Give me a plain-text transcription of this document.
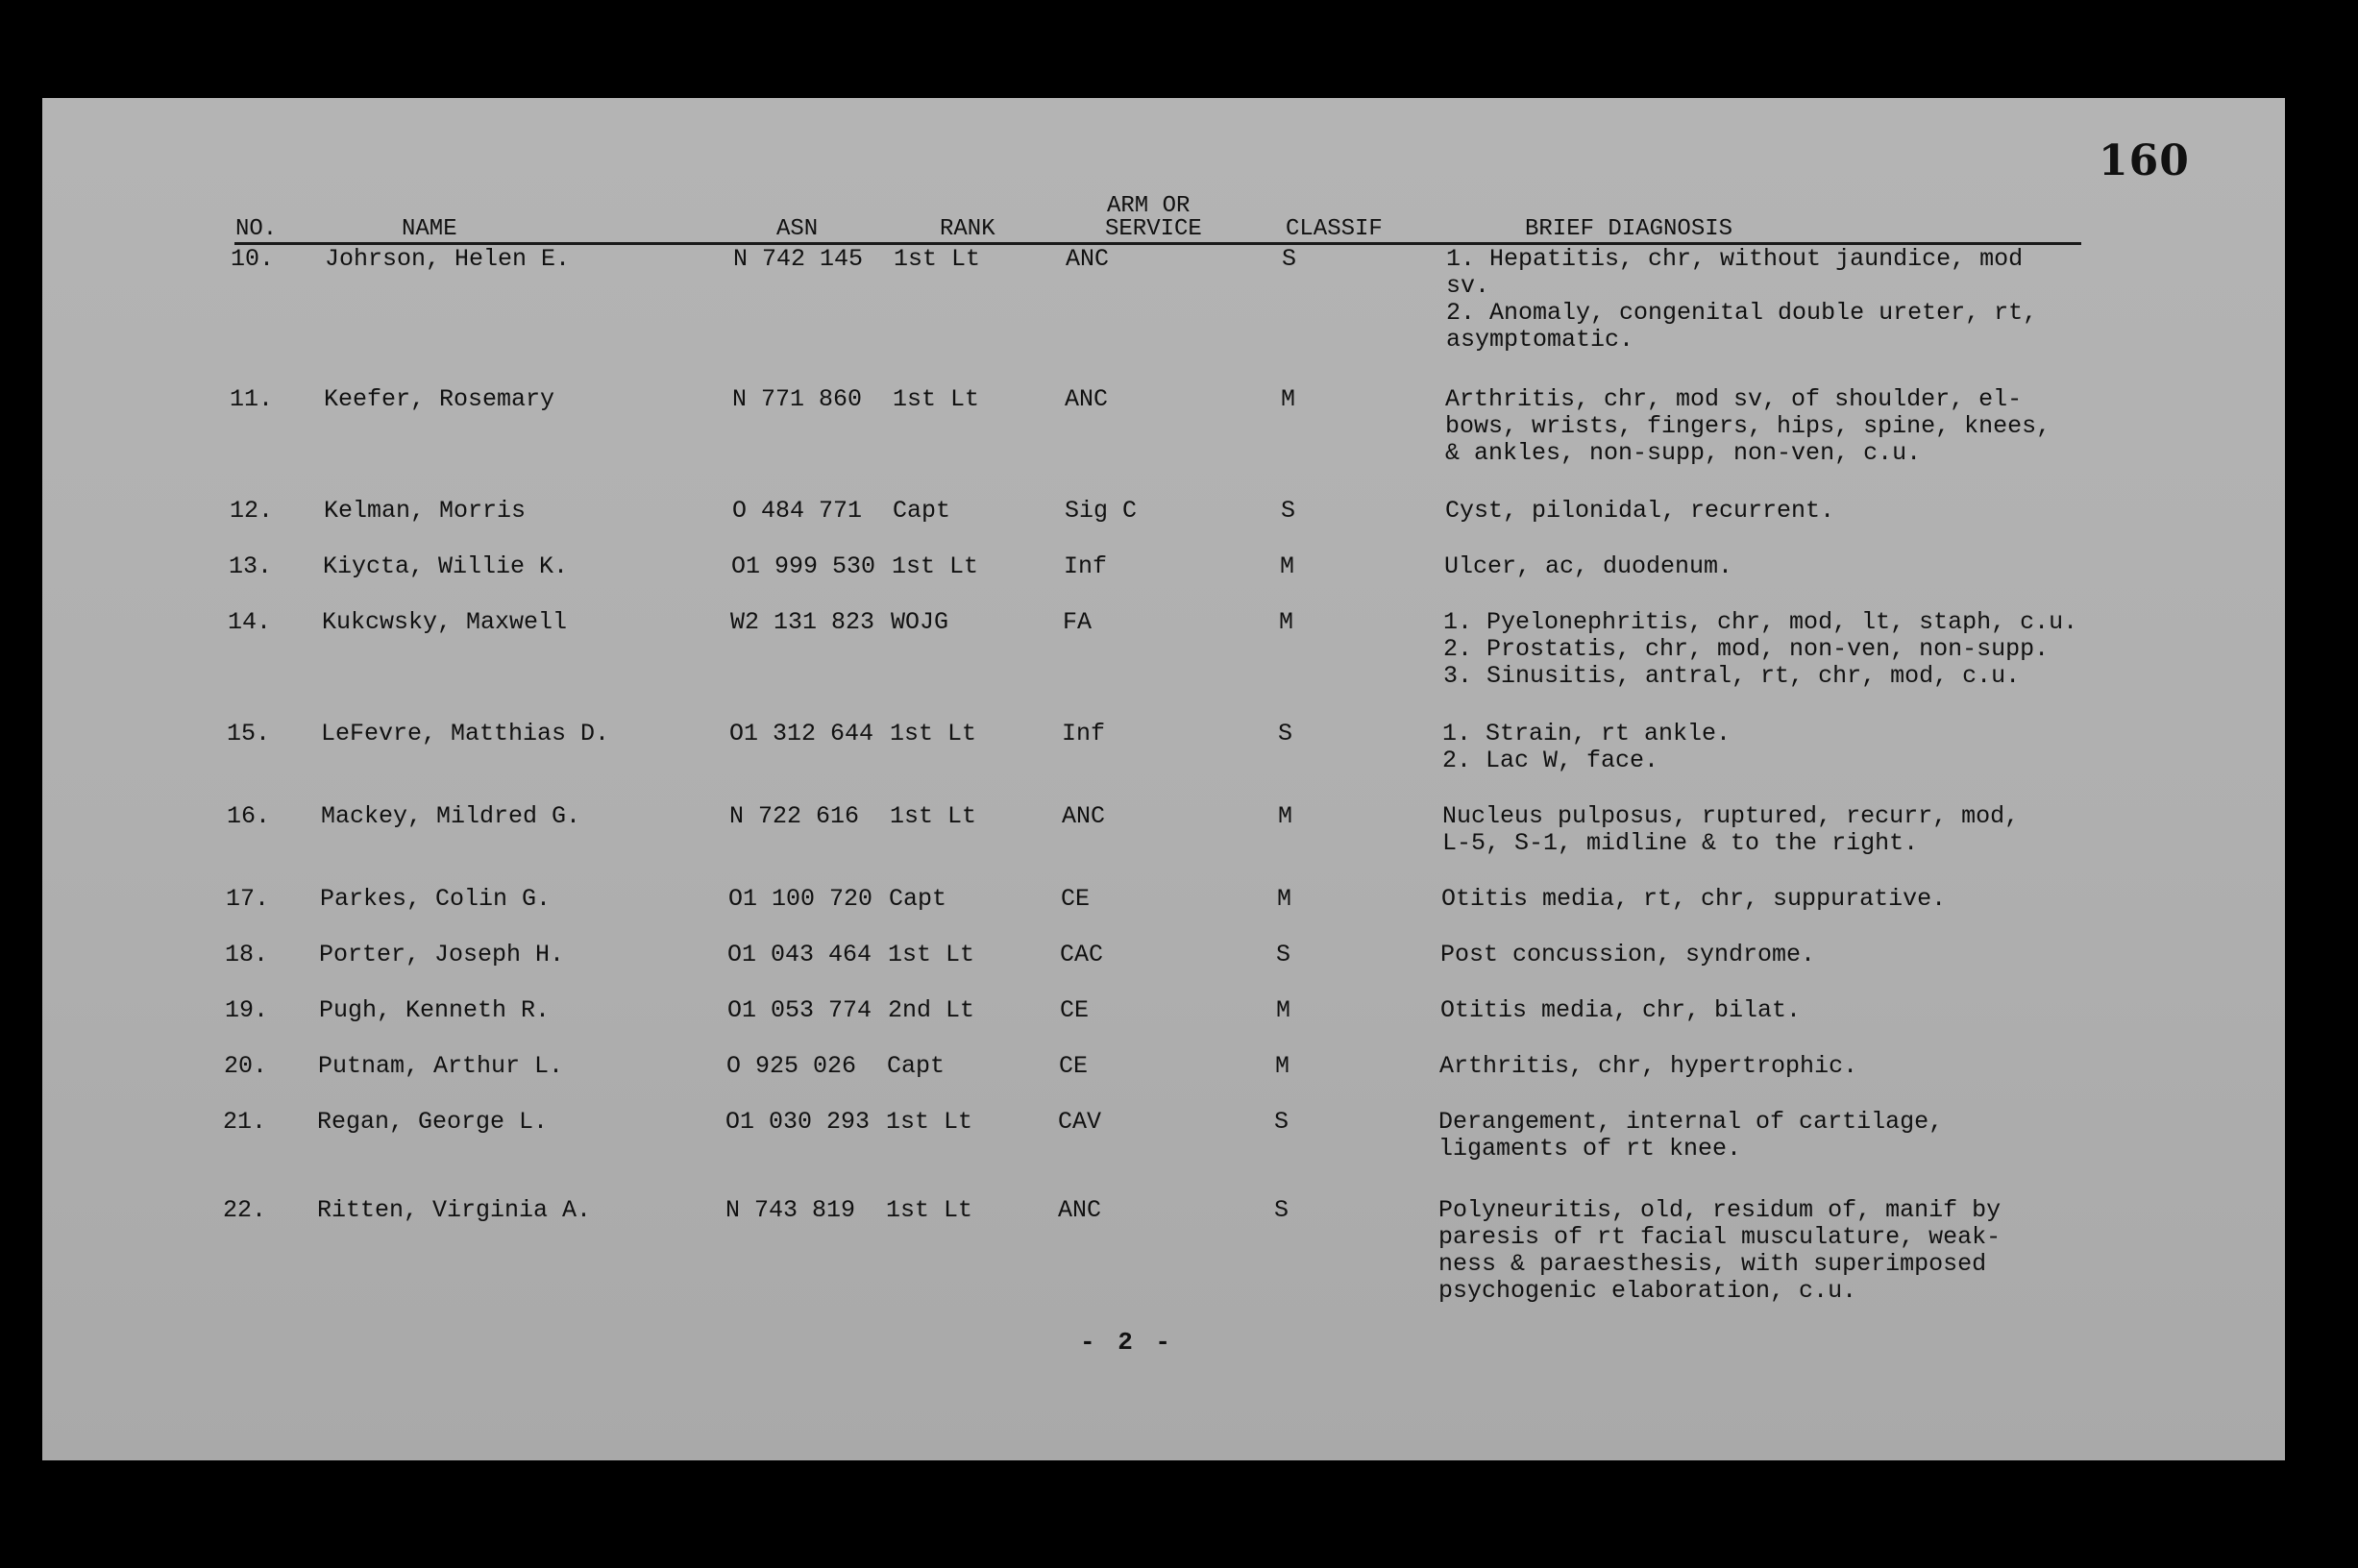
160
NO.	NAME	ASN	RANK
ARM OR
SERVICE	CLASSIF	BRIEF DIAGNOSIS
10. Johrson, Helen E.	N 742 145 1st Lt	ANC	S	1. Hepatitis, chr, without jaundice, mod
sv.
2. Anomaly, congenital double ureter, rt,
asymptomatic.
11. Keefer, Rosemary	N 771 860 1st Lt	ANC	M	Arthritis, chr, mod sv, of shoulder, el-
bows, wrists, fingers, hips, spine, knees,
& ankles, non-supp, non-ven, c.u.
12. Kelman, Morris	O 484 771 Capt	Sig C	S	Cyst, pilonidal, recurrent.
13. Kiycta, Willie K.	O1 999 530 1st Lt	Inf	M	Ulcer, ac, duodenum.
14. Kukcwsky, Maxwell	W2 131 823 WOJG	FA	M	1. Pyelonephritis, chr, mod, lt, staph, c.u.
2. Prostatis, chr, mod, non-ven, non-supp.
3. Sinusitis, antral, rt, chr, mod, c.u.
15. LeFevre, Matthias D.	O1 312 644 1st Lt	Inf	S	1. Strain, rt ankle.
2. Lac W, face.
16. Mackey, Mildred G.	N 722 616 1st Lt	ANC	M	Nucleus pulposus, ruptured, recurr, mod,
L-5, S-1, midline & to the right.
17. Parkes, Colin G.	O1 100 720 Capt	CE	M	Otitis media, rt, chr, suppurative.
18. Porter, Joseph H.	O1 043 464 1st Lt	CAC	S	Post concussion, syndrome.
19. Pugh, Kenneth R.	O1 053 774 2nd Lt	CE	M	Otitis media, chr, bilat.
20. Putnam, Arthur L.	O 925 026 Capt	CE	M	Arthritis, chr, hypertrophic.
21. Regan, George L.	O1 030 293 1st Lt	CAV	S	Derangement, internal of cartilage,
ligaments of rt knee.
22. Ritten, Virginia A.	N 743 819 1st Lt	ANC	S	Polyneuritis, old, residum of, manif by
paresis of rt facial musculature, weak-
ness & paraesthesis, with superimposed
psychogenic elaboration, c.u.
- 2 -
